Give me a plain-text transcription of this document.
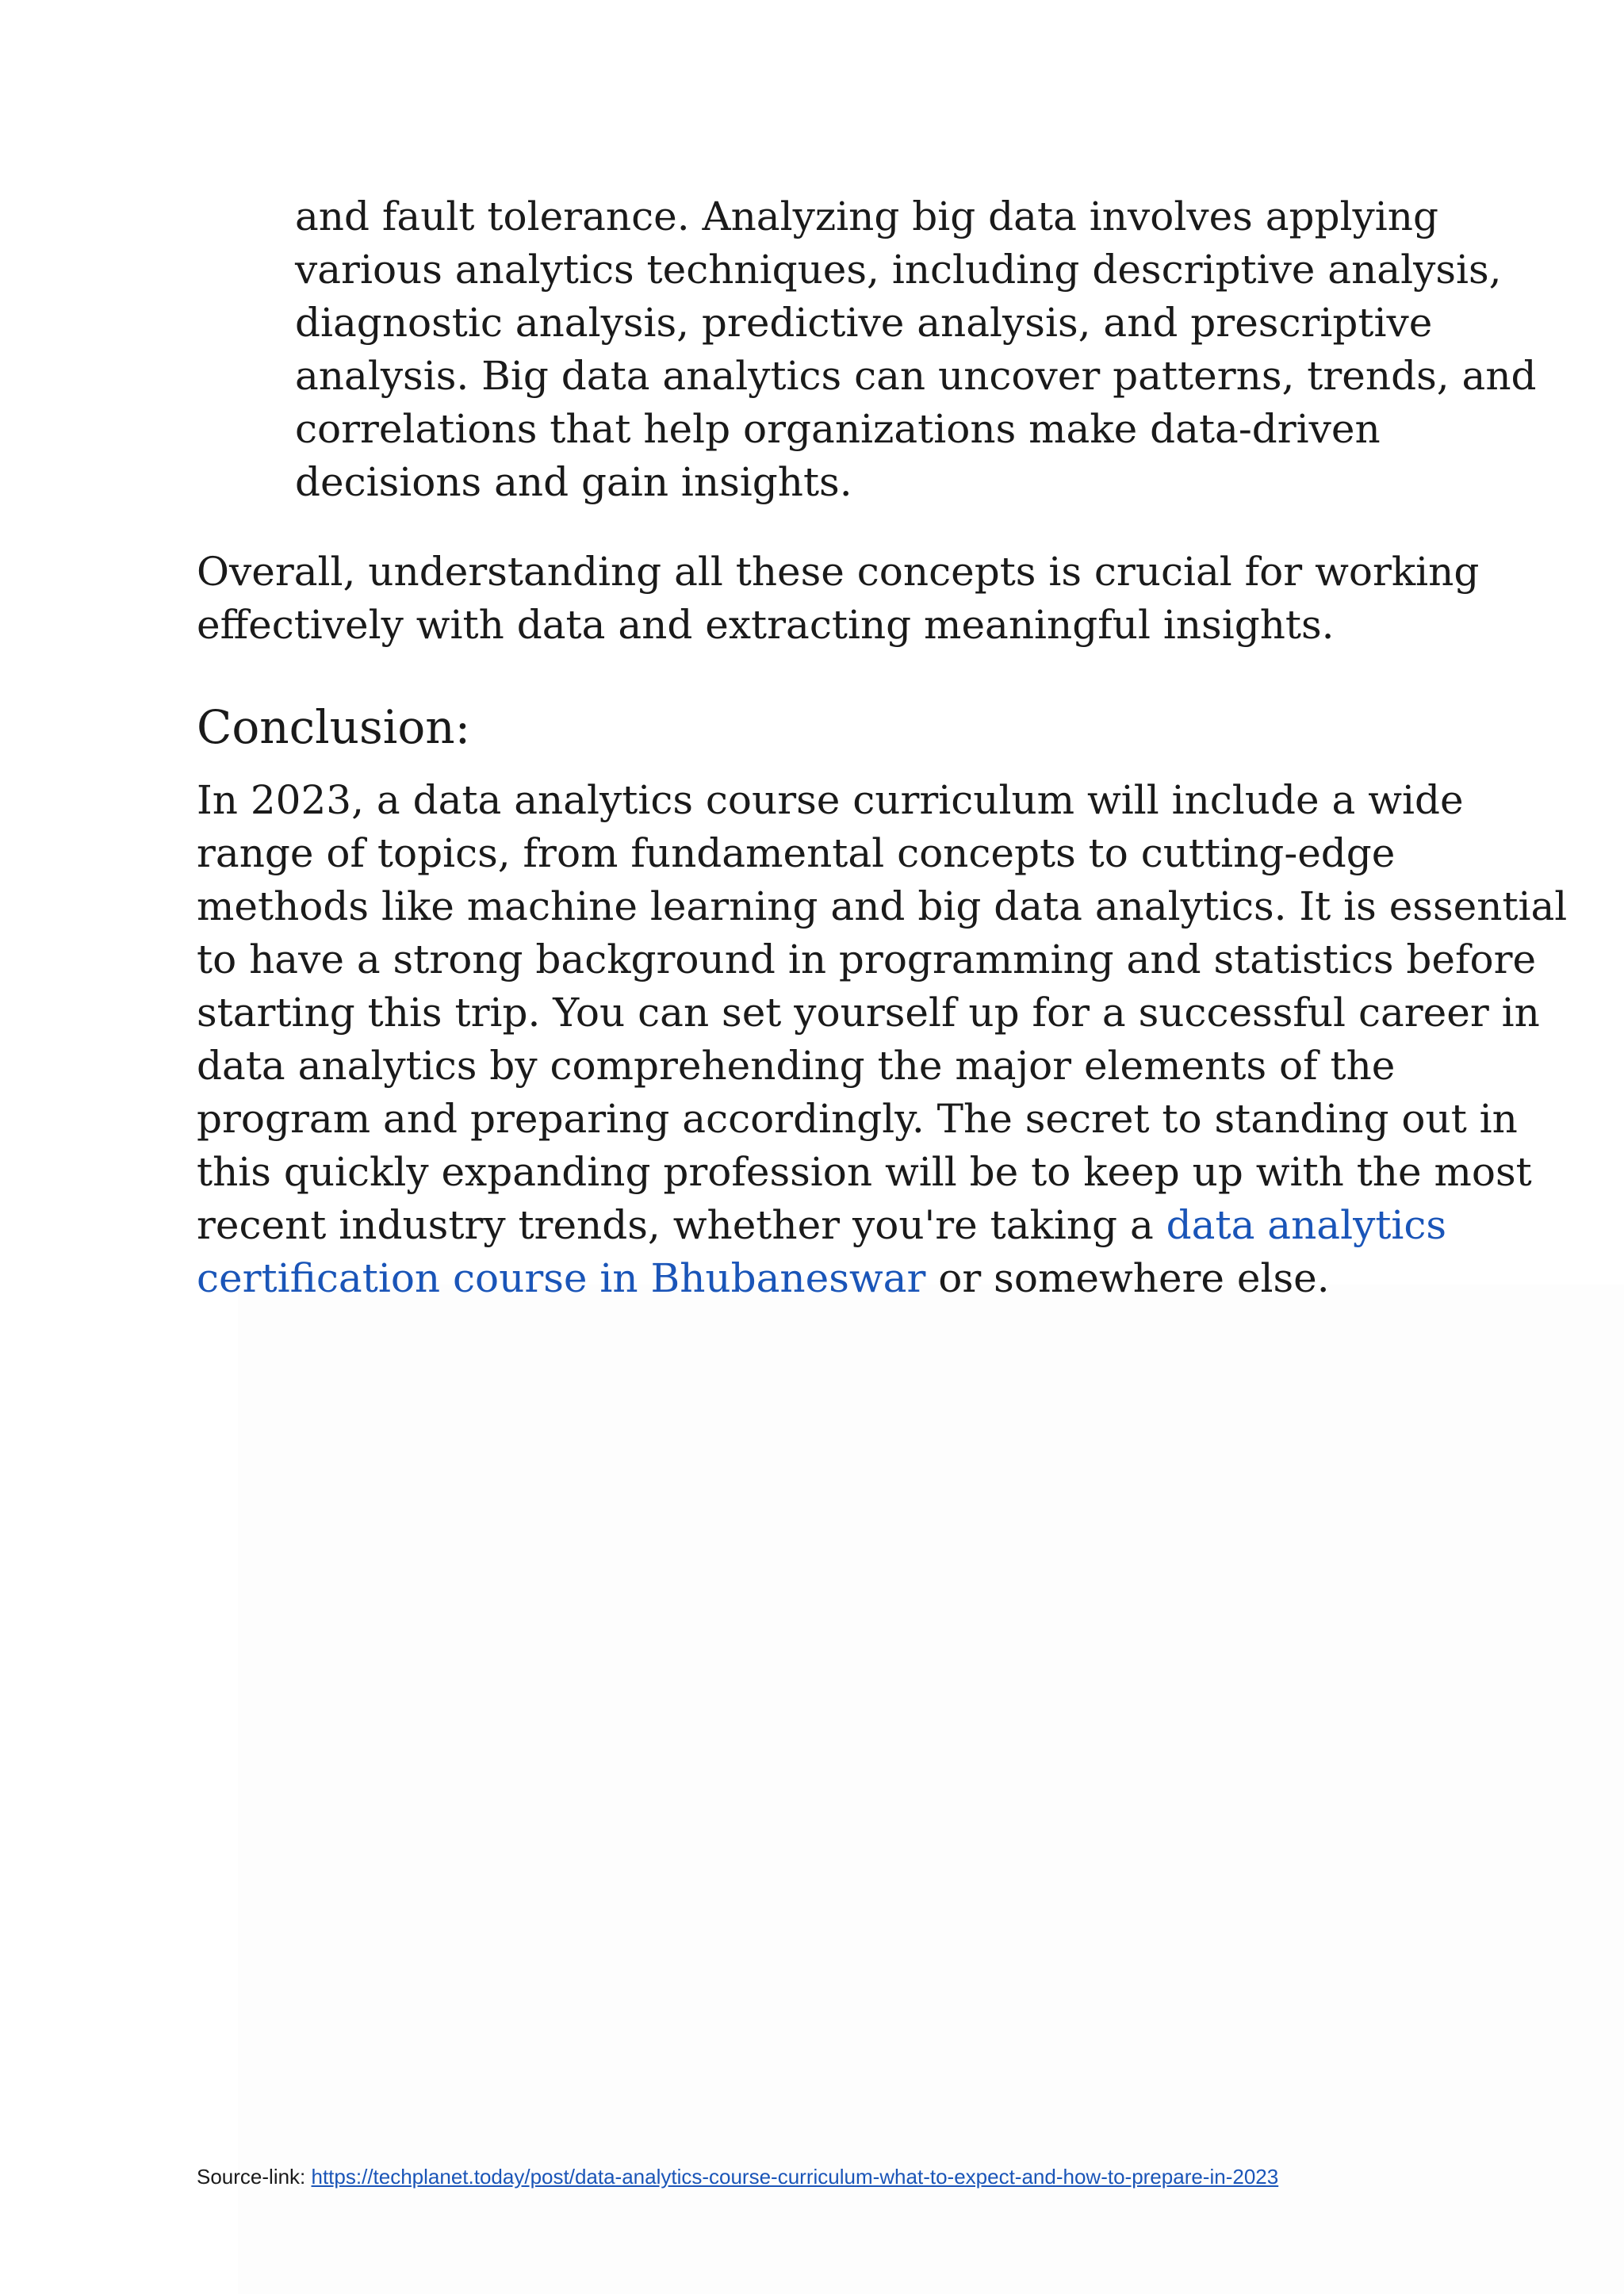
and fault tolerance. Analyzing big data involves applying
various analytics techniques, including descriptive analysis,
diagnostic analysis, predictive analysis, and prescriptive
analysis. Big data analytics can uncover patterns, trends, and
correlations that help organizations make data-driven
decisions and gain insights.

Overall, understanding all these concepts is crucial for working
effectively with data and extracting meaningful insights.

Conclusion:

In 2023, a data analytics course curriculum will include a wide
range of topics, from fundamental concepts to cutting-edge
methods like machine learning and big data analytics. It is essential
to have a strong background in programming and statistics before
starting this trip. You can set yourself up for a successful career in
data analytics by comprehending the major elements of the
program and preparing accordingly. The secret to standing out in
this quickly expanding profession will be to keep up with the most
recent industry trends, whether you're taking a data analytics
certification course in Bhubaneswar or somewhere else.

Source-link: https://techplanet.today/post/data-analytics-course-curriculum-what-to-expect-and-how-to-prepare-in-2023
